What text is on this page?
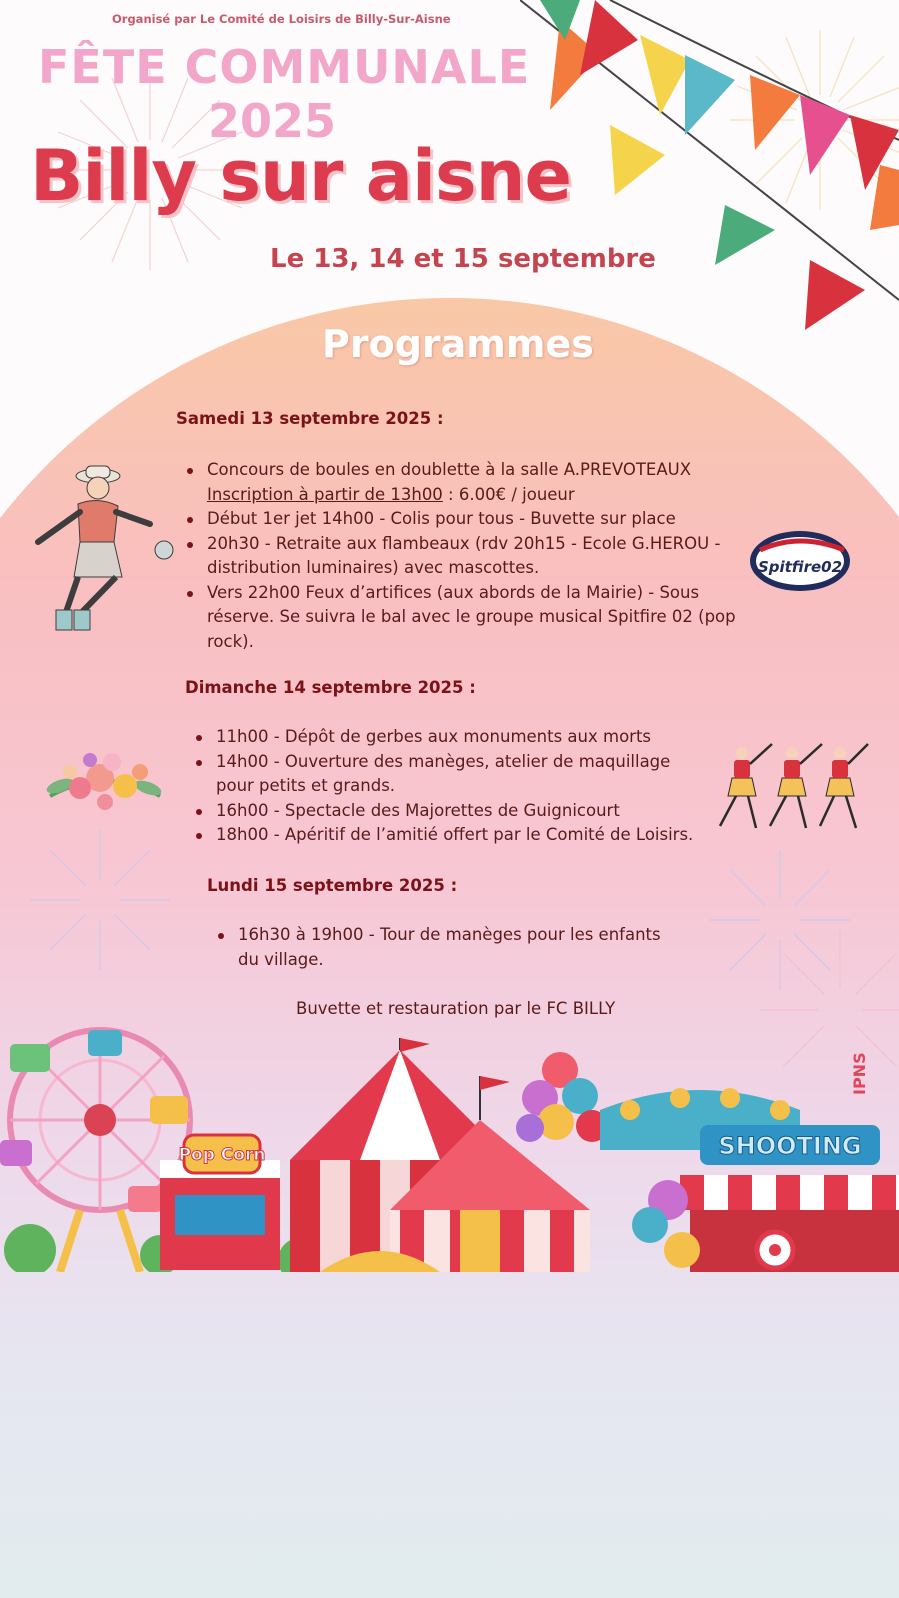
Organisé par Le Comité de Loisirs de Billy-Sur-Aisne
FÊTE COMMUNALE
2025
Billy sur aisne
Le 13, 14 et 15 septembre
Programmes
Samedi 13 septembre 2025 :
Concours de boules en doublette à la salle A.PREVOTEAUX
Inscription à partir de 13h00 : 6.00€ / joueur
Début 1er jet 14h00 - Colis pour tous - Buvette sur place
20h30 - Retraite aux flambeaux (rdv 20h15 - Ecole G.HEROU - distribution luminaires) avec mascottes.
Vers 22h00 Feux d’artifices (aux abords de la Mairie) - Sous réserve. Se suivra le bal avec le groupe musical Spitfire 02 (pop rock).
Dimanche 14 septembre 2025 :
11h00 - Dépôt de gerbes aux monuments aux morts
14h00 - Ouverture des manèges, atelier de maquillage pour petits et grands.
16h00 - Spectacle des Majorettes de Guignicourt
18h00 - Apéritif de l’amitié offert par le Comité de Loisirs.
Lundi 15 septembre 2025 :
16h30 à 19h00 - Tour de manèges pour les enfants du village.
Buvette et restauration par le FC BILLY
Spitfire02
Pop Corn	SHOOTING
IPNS
